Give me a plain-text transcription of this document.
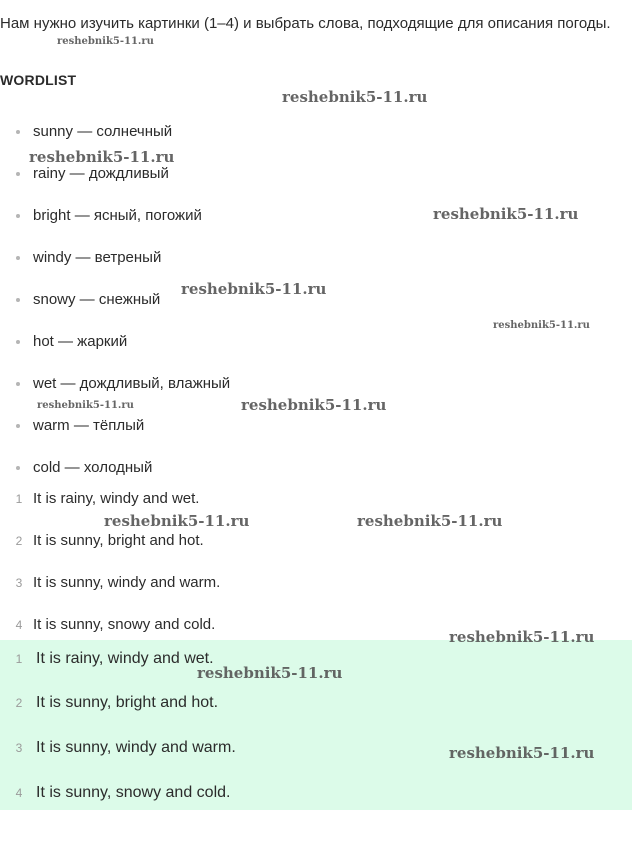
Нам нужно изучить картинки (1–4) и выбрать слова, подходящие для описания погоды.
WORDLIST
sunny — солнечный
rainy — дождливый
bright — ясный, погожий
windy — ветреный
snowy — снежный
hot — жаркий
wet — дождливый, влажный
warm — тёплый
cold — холодный
1 It is rainy, windy and wet.
2 It is sunny, bright and hot.
3 It is sunny, windy and warm.
4 It is sunny, snowy and cold.
1 It is rainy, windy and wet.
2 It is sunny, bright and hot.
3 It is sunny, windy and warm.
4 It is sunny, snowy and cold.
reshebnik5-11.ru
reshebnik5-11.ru
reshebnik5-11.ru
reshebnik5-11.ru
reshebnik5-11.ru
reshebnik5-11.ru
reshebnik5-11.ru	reshebnik5-11.ru
reshebnik5-11.ru	reshebnik5-11.ru
reshebnik5-11.ru
reshebnik5-11.ru
reshebnik5-11.ru
